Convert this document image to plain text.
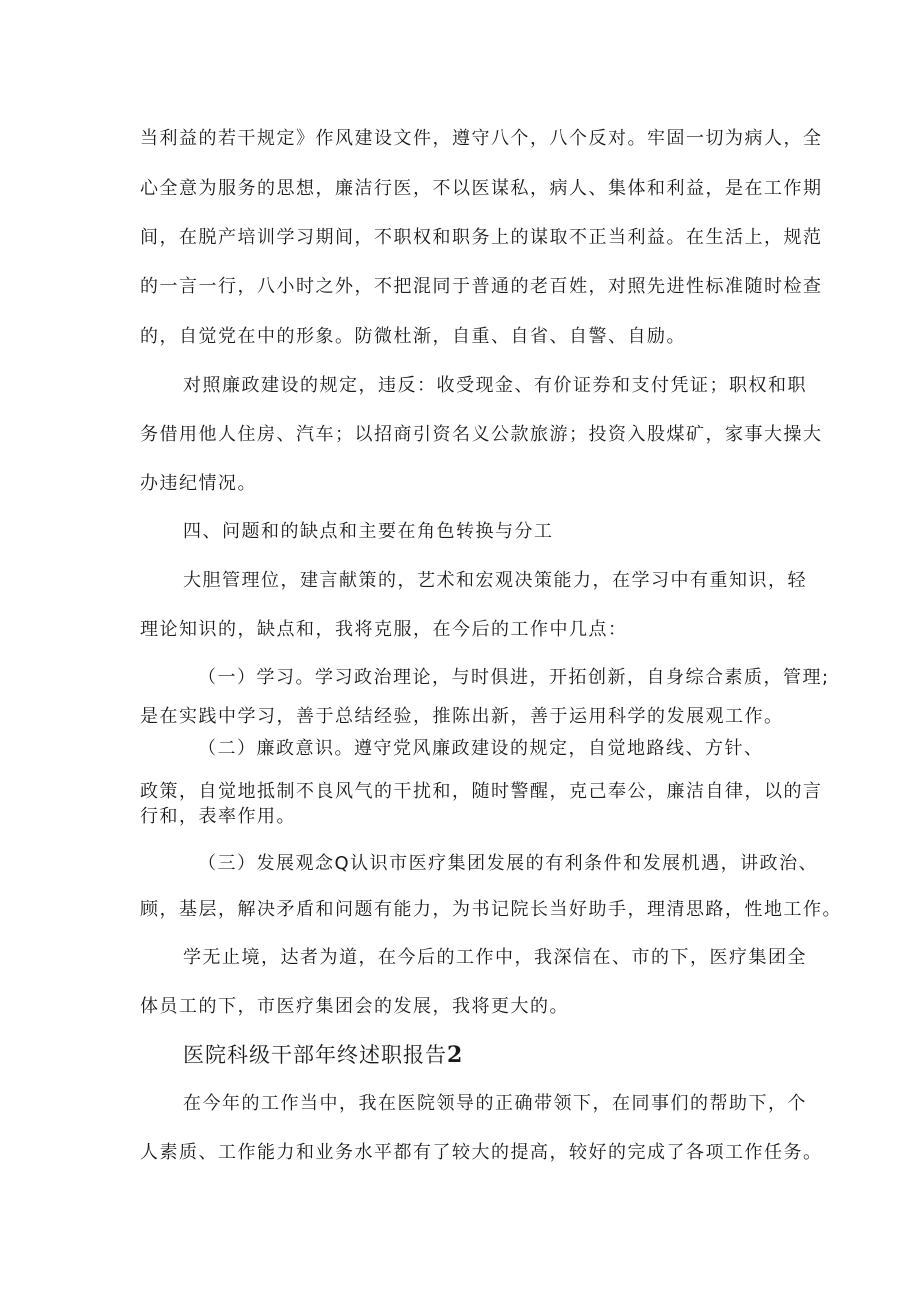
当利益的若干规定》作风建设文件，遵守八个，八个反对。牢固一切为病人，全
心全意为服务的思想，廉洁行医，不以医谋私，病人、集体和利益，是在工作期
间，在脱产培训学习期间，不职权和职务上的谋取不正当利益。在生活上，规范
的一言一行，八小时之外，不把混同于普通的老百姓，对照先进性标准随时检查
的，自觉党在中的形象。防微杜渐，自重、自省、自警、自励。
对照廉政建设的规定，违反：收受现金、有价证券和支付凭证；职权和职
务借用他人住房、汽车；以招商引资名义公款旅游；投资入股煤矿，家事大操大
办违纪情况。
四、问题和的缺点和主要在角色转换与分工
大胆管理位，建言献策的，艺术和宏观决策能力，在学习中有重知识，轻
理论知识的，缺点和，我将克服，在今后的工作中几点：
（一）学习。学习政治理论，与时俱进，开拓创新，自身综合素质，管理;
是在实践中学习，善于总结经验，推陈出新，善于运用科学的发展观工作。
（二）廉政意识。遵守党风廉政建设的规定，自觉地路线、方针、
政策，自觉地抵制不良风气的干扰和，随时警醒，克己奉公，廉洁自律，以的言
行和，表率作用。
（三）发展观念Q认识市医疗集团发展的有利条件和发展机遇，讲政治、
顾，基层，解决矛盾和问题有能力，为书记院长当好助手，理清思路，性地工作。
学无止境，达者为道，在今后的工作中，我深信在、市的下，医疗集团全
体员工的下，市医疗集团会的发展，我将更大的。
医院科级干部年终述职报告2
在今年的工作当中，我在医院领导的正确带领下，在同事们的帮助下，个
人素质、工作能力和业务水平都有了较大的提高，较好的完成了各项工作任务。
